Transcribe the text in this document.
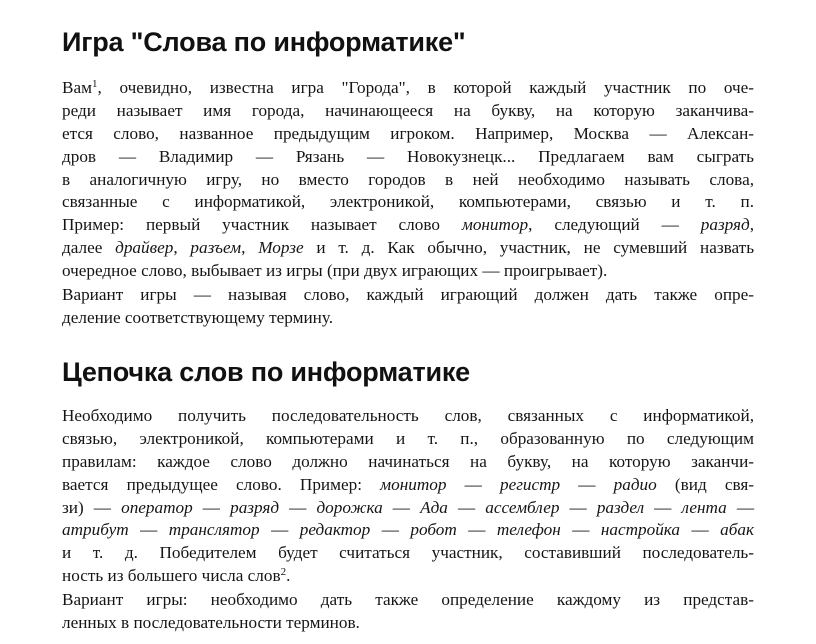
Игра "Слова по информатике"
Вам$^1$, очевидно, известна игра "Города", в которой каждый участник по оче-
реди называет имя города, начинающееся на букву, на которую заканчива-
ется слово, названное предыдущим игроком. Например, Москва — Алексан-
дров — Владимир — Рязань — Новокузнецк... Предлагаем вам сыграть
в аналогичную игру, но вместо городов в ней необходимо называть слова,
связанные с информатикой, электроникой, компьютерами, связью и т. п.
Пример: первый участник называет слово монитор, следующий — разряд,
далее драйвер, разъем, Морзе и т. д. Как обычно, участник, не сумевший назвать
очередное слово, выбывает из игры (при двух играющих — проигрывает).
Вариант игры — называя слово, каждый играющий должен дать также опре-
деление соответствующему термину.
Цепочка слов по информатике
Необходимо получить последовательность слов, связанных с информатикой,
связью, электроникой, компьютерами и т. п., образованную по следующим
правилам: каждое слово должно начинаться на букву, на которую заканчи-
вается предыдущее слово. Пример: монитор — регистр — радио (вид свя-
зи) — оператор — разряд — дорожка — Ада — ассемблер — раздел — лента —
атрибут — транслятор — редактор — робот — телефон — настройка — абак
и т. д. Победителем будет считаться участник, составивший последователь-
ность из большего числа слов$^2$.
Вариант игры: необходимо дать также определение каждому из представ-
ленных в последовательности терминов.
